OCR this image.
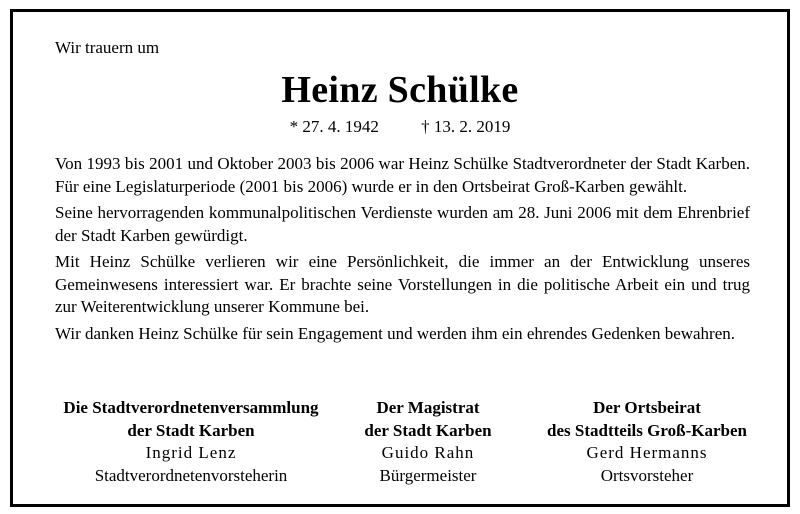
Wir trauern um
Heinz Schülke
* 27. 4. 1942 † 13. 2. 2019

Von 1993 bis 2001 und Oktober 2003 bis 2006 war Heinz Schülke Stadtverordneter der Stadt Karben. Für eine Legislaturperiode (2001 bis 2006) wurde er in den Ortsbeirat Groß-Karben gewählt.

Seine hervorragenden kommunalpolitischen Verdienste wurden am 28. Juni 2006 mit dem Ehrenbrief der Stadt Karben gewürdigt.

Mit Heinz Schülke verlieren wir eine Persönlichkeit, die immer an der Entwicklung unseres Gemeinwesens interessiert war. Er brachte seine Vorstellungen in die politische Arbeit ein und trug zur Weiterentwicklung unserer Kommune bei.

Wir danken Heinz Schülke für sein Engagement und werden ihm ein ehrendes Gedenken bewahren.

Die Stadtverordnetenversammlung
der Stadt Karben
Ingrid Lenz
Stadtverordnetenvorsteherin
Der Magistrat
der Stadt Karben
Guido Rahn
Bürgermeister
Der Ortsbeirat
des Stadtteils Groß-Karben
Gerd Hermanns
Ortsvorsteher
